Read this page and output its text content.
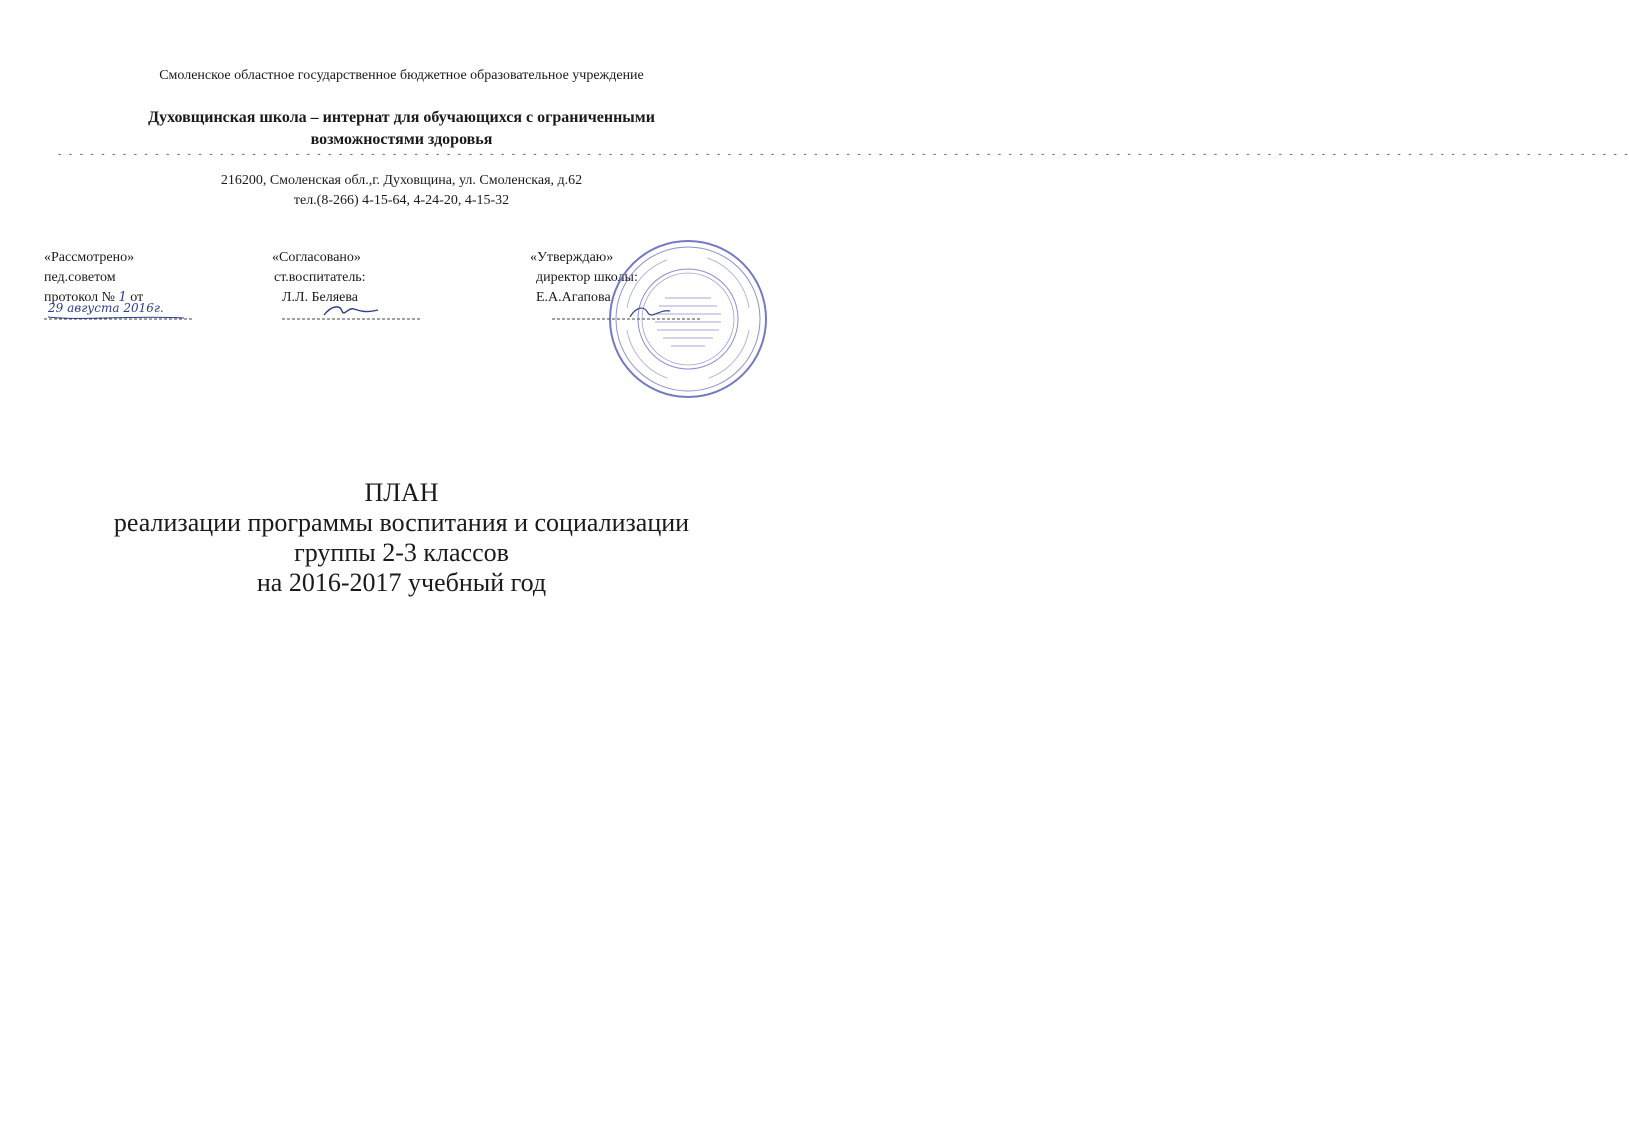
Смоленское областное государственное бюджетное образовательное учреждение
Духовщинская школа – интернат для обучающихся с ограниченными
возможностями здоровья
- - - - - - - - - - - - - - - - - - - - - - - - - - - - - - - - - - - - - - - - - - - - - - - - - - - - - - - - - - - - - - - - - - - - - - - - - - - - - - - - - - - - - - - - - - - - - - - - - - - - - - - - - - - - - - - - - - - - - - - - - - - - - - - - - - - - - - - - - - - - - - - - - -
216200, Смоленская обл.,г. Духовщина, ул. Смоленская, д.62
тел.(8-266) 4-15-64, 4-24-20, 4-15-32
«Рассмотрено»
пед.советом
протокол № 1 от
29 августа 2016г.
«Согласовано»
ст.воспитатель:
Л.Л. Беляева
«Утверждаю»
директор школы:
Е.А.Агапова
ПЛАН
реализации программы воспитания и социализации
группы 2-3 классов
на 2016-2017 учебный год
